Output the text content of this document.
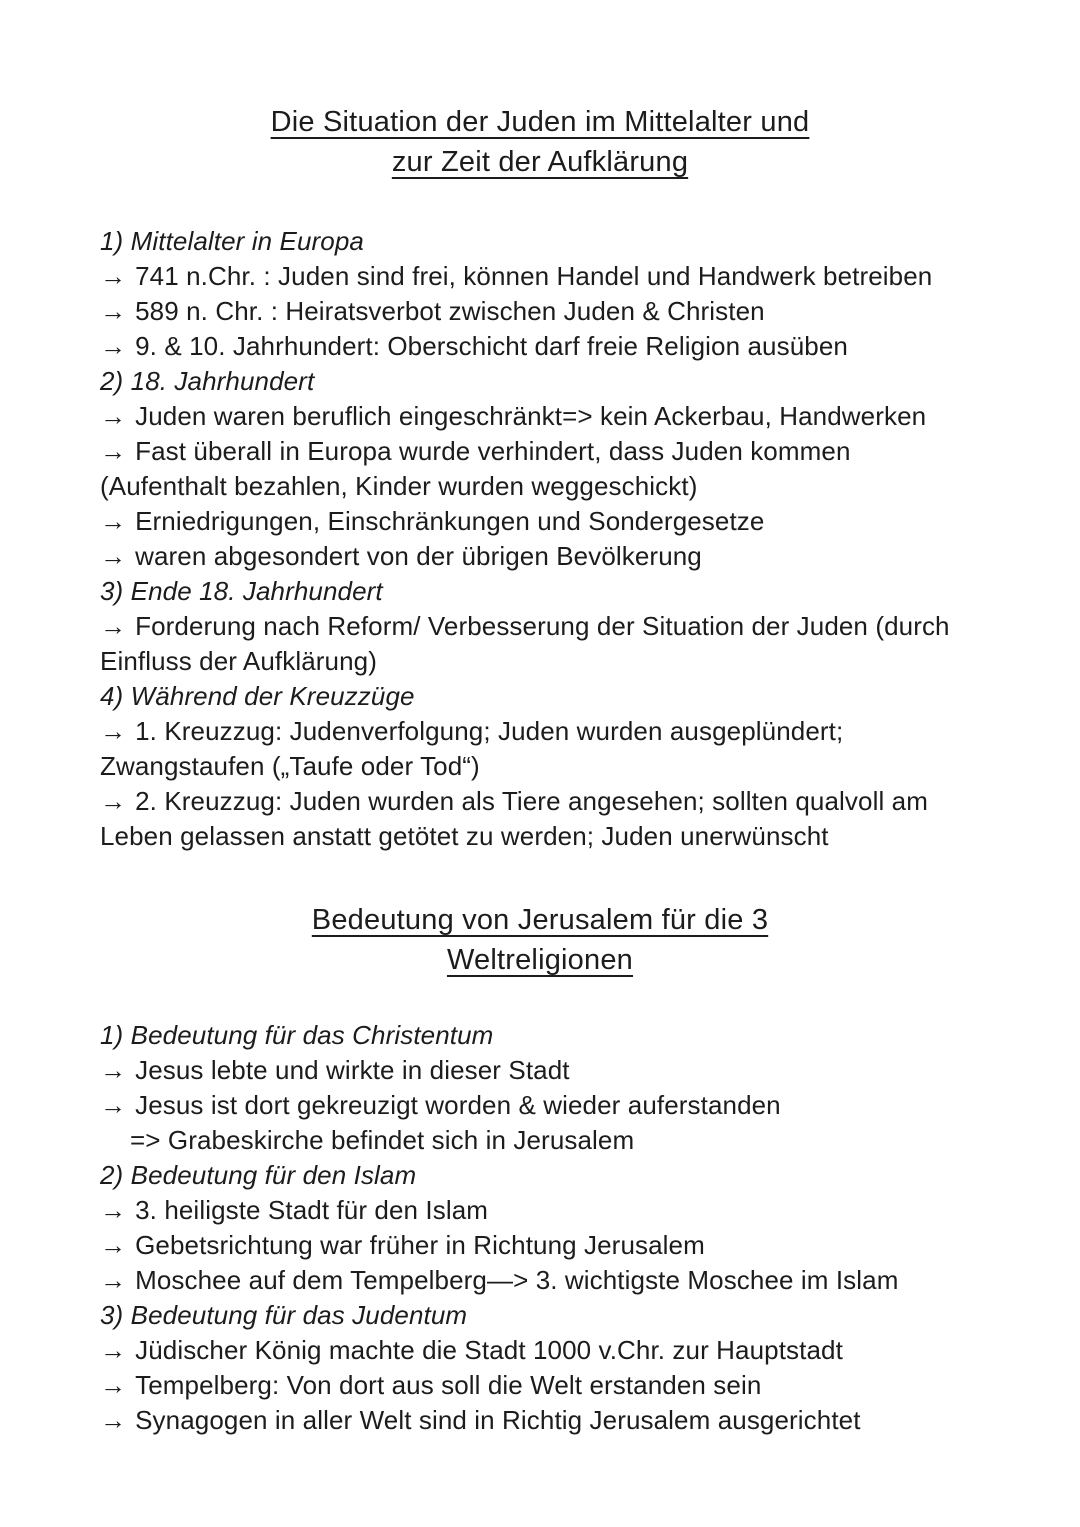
Die Situation der Juden im Mittelalter und
zur Zeit der Aufklärung
1) Mittelalter in Europa
→ 741 n.Chr. : Juden sind frei, können Handel und Handwerk betreiben
→ 589 n. Chr. : Heiratsverbot zwischen Juden & Christen
→ 9. & 10. Jahrhundert: Oberschicht darf freie Religion ausüben
2) 18. Jahrhundert
→ Juden waren beruflich eingeschränkt=> kein Ackerbau, Handwerken
→ Fast überall in Europa wurde verhindert, dass Juden kommen
(Aufenthalt bezahlen, Kinder wurden weggeschickt)
→ Erniedrigungen, Einschränkungen und Sondergesetze
→ waren abgesondert von der übrigen Bevölkerung
3) Ende 18. Jahrhundert
→ Forderung nach Reform/ Verbesserung der Situation der Juden (durch
Einfluss der Aufklärung)
4) Während der Kreuzzüge
→ 1. Kreuzzug: Judenverfolgung; Juden wurden ausgeplündert;
Zwangstaufen („Taufe oder Tod“)
→ 2. Kreuzzug: Juden wurden als Tiere angesehen; sollten qualvoll am
Leben gelassen anstatt getötet zu werden; Juden unerwünscht
Bedeutung von Jerusalem für die 3
Weltreligionen
1) Bedeutung für das Christentum
→ Jesus lebte und wirkte in dieser Stadt
→ Jesus ist dort gekreuzigt worden & wieder auferstanden
=> Grabeskirche befindet sich in Jerusalem
2) Bedeutung für den Islam
→ 3. heiligste Stadt für den Islam
→ Gebetsrichtung war früher in Richtung Jerusalem
→ Moschee auf dem Tempelberg—> 3. wichtigste Moschee im Islam
3) Bedeutung für das Judentum
→ Jüdischer König machte die Stadt 1000 v.Chr. zur Hauptstadt
→ Tempelberg: Von dort aus soll die Welt erstanden sein
→ Synagogen in aller Welt sind in Richtig Jerusalem ausgerichtet
